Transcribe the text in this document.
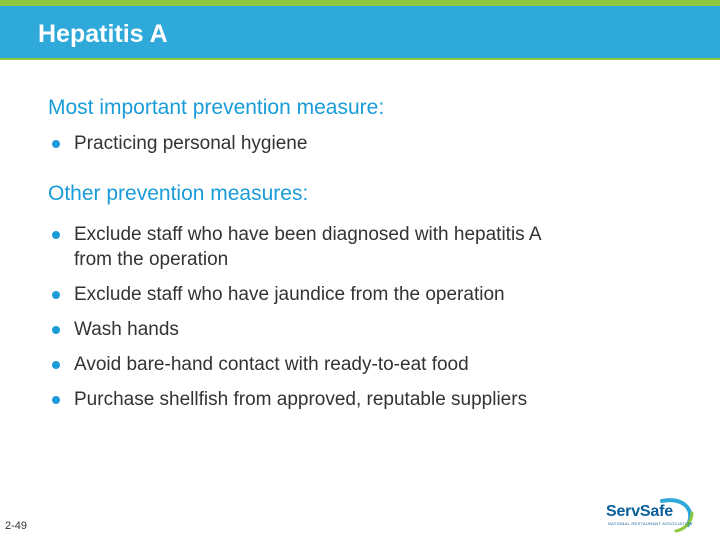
Hepatitis A
Most important prevention measure:
Practicing personal hygiene
Other prevention measures:
Exclude staff who have been diagnosed with hepatitis A from the operation
Exclude staff who have jaundice from the operation
Wash hands
Avoid bare-hand contact with ready-to-eat food
Purchase shellfish from approved, reputable suppliers
2-49
ServSafe
NATIONAL RESTAURANT ASSOCIATION
